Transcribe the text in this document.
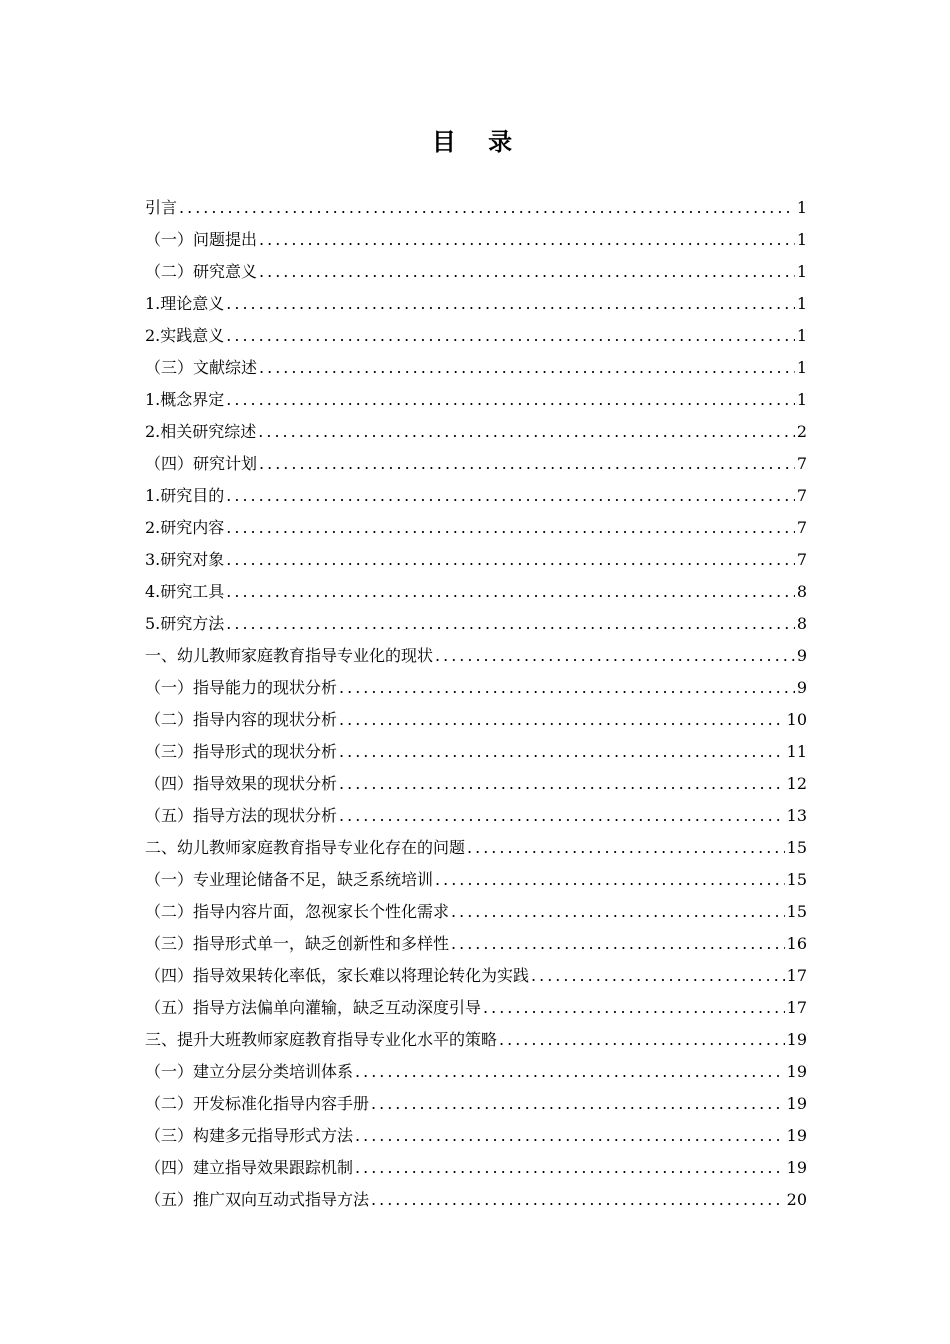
目 录
引言 .....	1
（一）问题提出 .....	1
（二）研究意义 .....	1
1.理论意义 .....	1
2.实践意义 .....	1
（三）文献综述 .....	1
1.概念界定 .....	1
2.相关研究综述 .....	2
（四）研究计划 .....	7
1.研究目的 .....	7
2.研究内容 .....	7
3.研究对象 .....	7
4.研究工具 .....	8
5.研究方法 .....	8
一、幼儿教师家庭教育指导专业化的现状 .....	9
（一）指导能力的现状分析 .....	9
（二）指导内容的现状分析 .....	10
（三）指导形式的现状分析 .....	11
（四）指导效果的现状分析 .....	12
（五）指导方法的现状分析 .....	13
二、幼儿教师家庭教育指导专业化存在的问题 .....	15
（一）专业理论储备不足，缺乏系统培训 .....	15
（二）指导内容片面，忽视家长个性化需求 .....	15
（三）指导形式单一，缺乏创新性和多样性 .....	16
（四）指导效果转化率低，家长难以将理论转化为实践 .....	17
（五）指导方法偏单向灌输，缺乏互动深度引导 .....	17
三、提升大班教师家庭教育指导专业化水平的策略 .....	19
（一）建立分层分类培训体系 .....	19
（二）开发标准化指导内容手册 .....	19
（三）构建多元指导形式方法 .....	19
（四）建立指导效果跟踪机制 .....	19
（五）推广双向互动式指导方法 .....	20
